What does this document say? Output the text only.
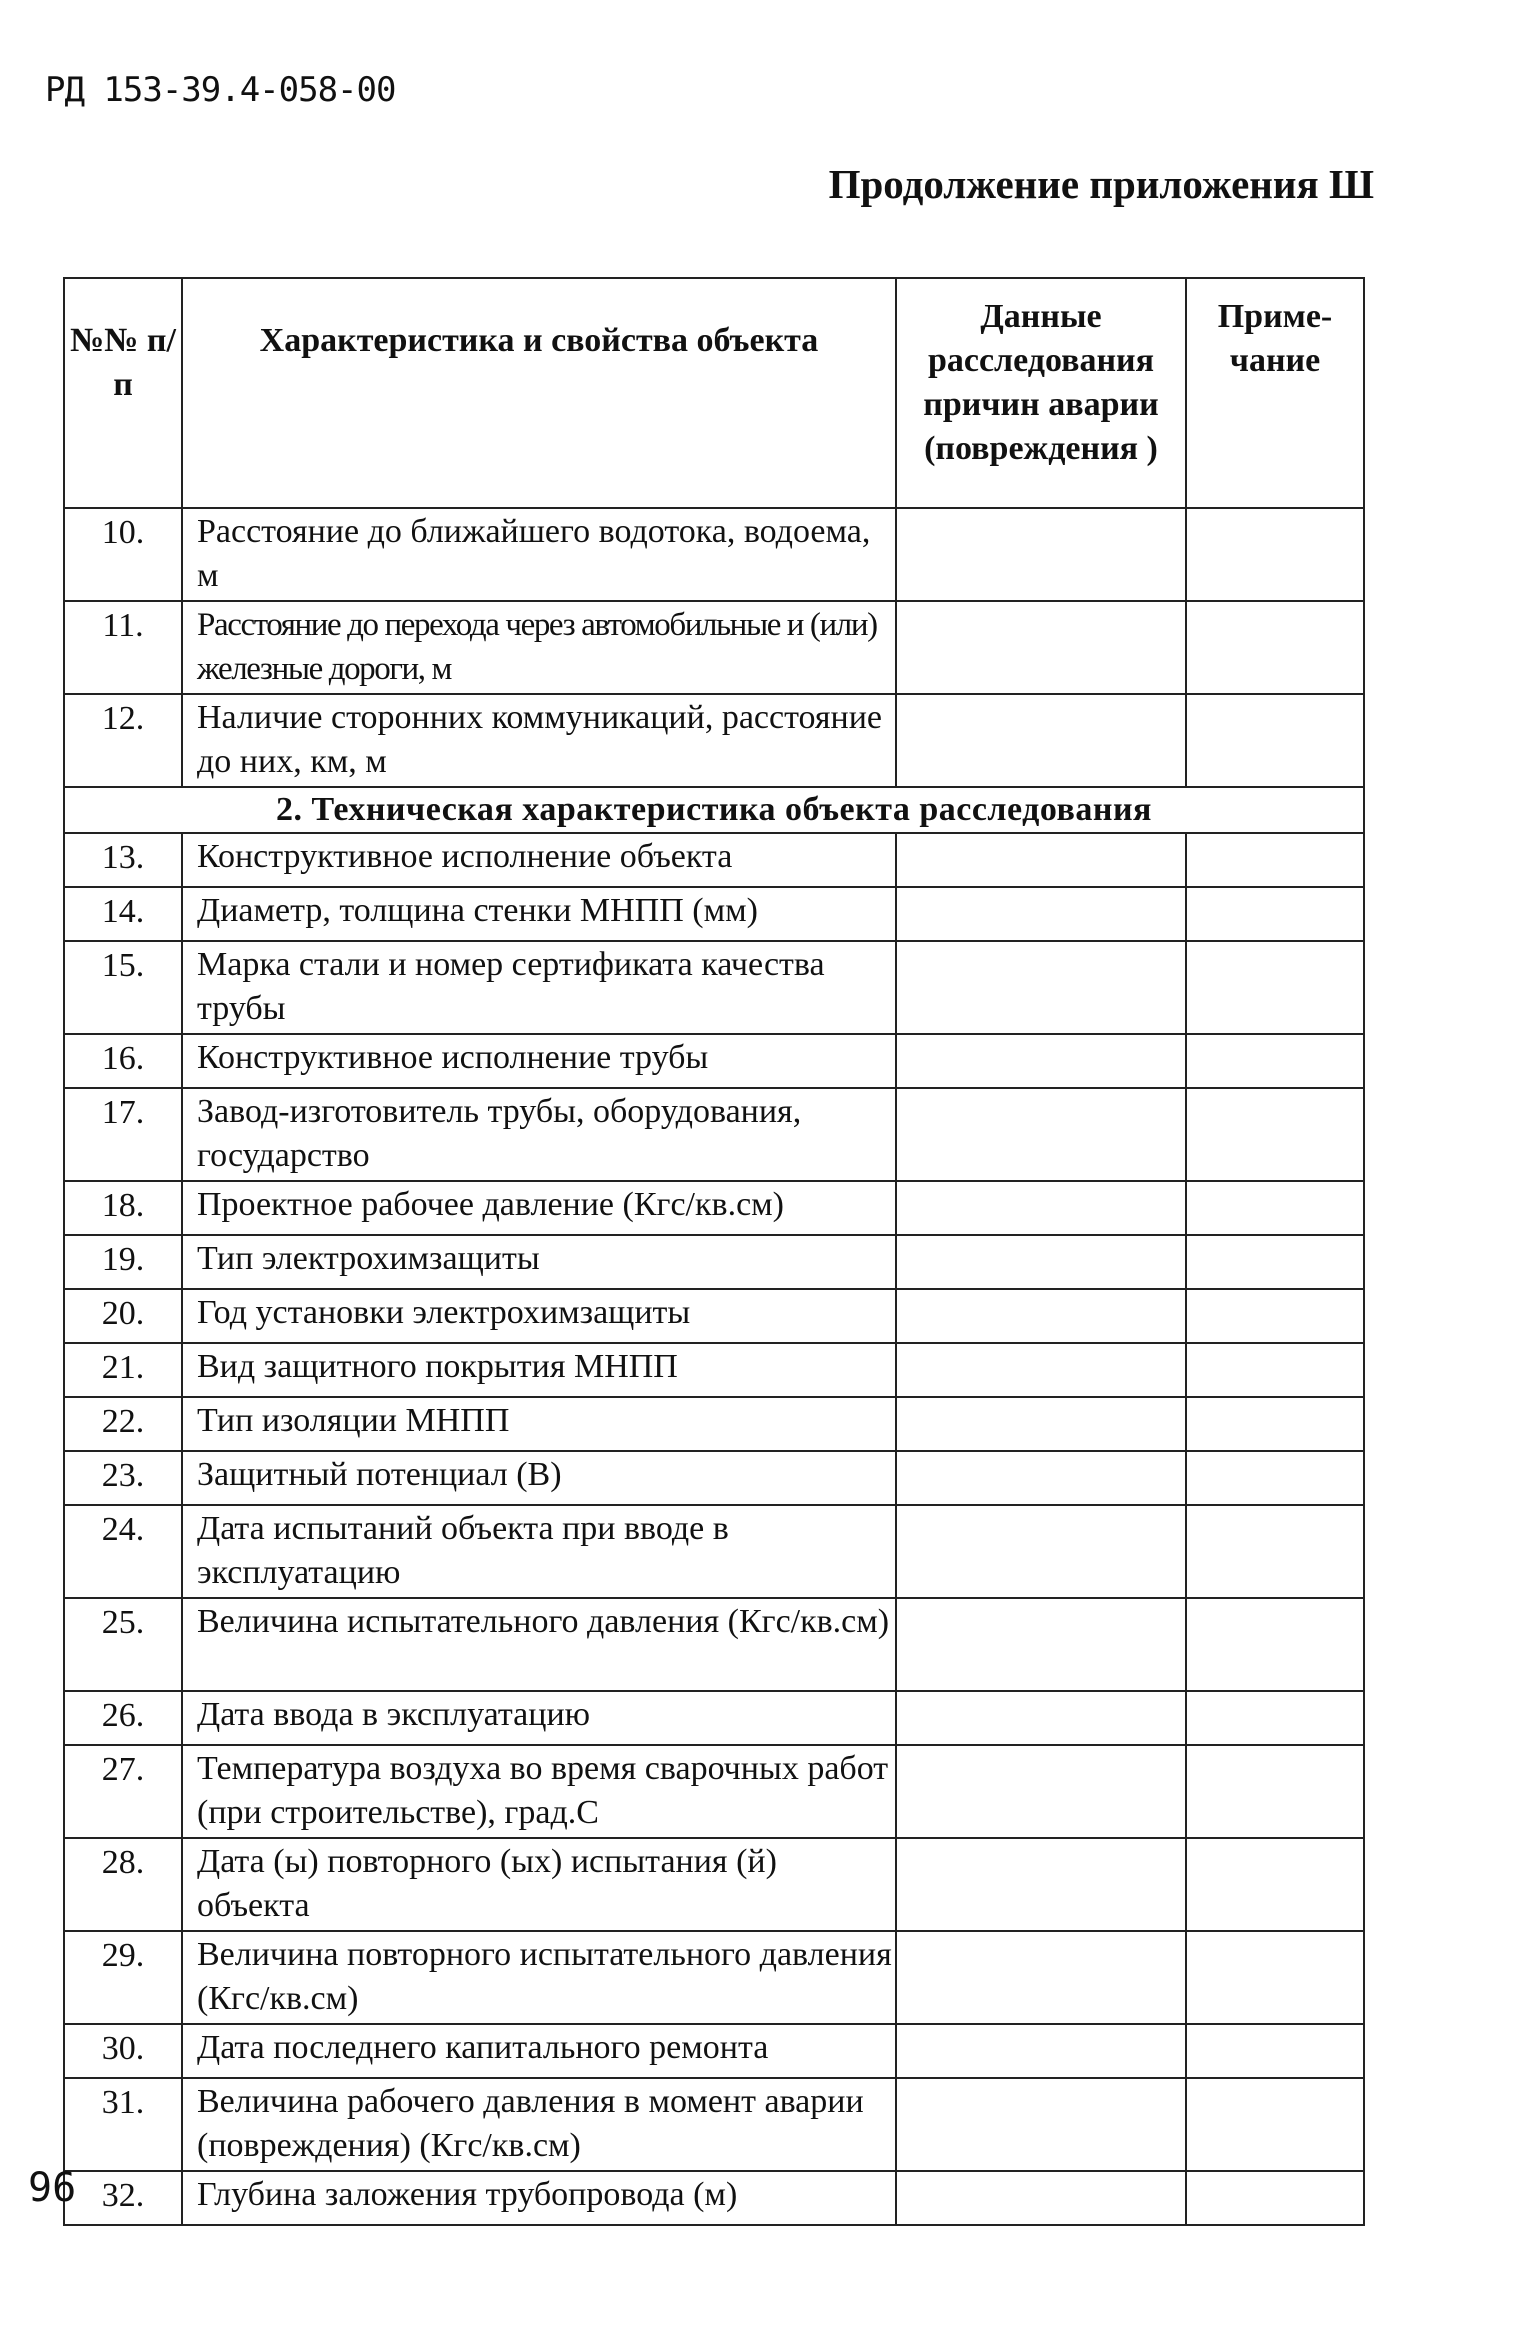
РД 153-39.4-058-00
Продолжение приложения Ш
№№ п/п	Характеристика и свойства объекта	Данные расследования причин аварии (повреждения )	Приме-чание
10.	Расстояние до ближайшего водотока, водоема, м		
11.	Расстояние до перехода через автомобильные и (или) железные дороги, м		
12.	Наличие сторонних коммуникаций, расстояние до них, км, м		
2. Техническая характеристика объекта расследования			
13.	Конструктивное исполнение объекта		
14.	Диаметр, толщина стенки МНПП (мм)		
15.	Марка стали и номер сертификата качества трубы		
16.	Конструктивное исполнение трубы		
17.	Завод-изготовитель трубы, оборудования, государство		
18.	Проектное рабочее давление (Кгс/кв.см)		
19.	Тип электрохимзащиты		
20.	Год установки электрохимзащиты		
21.	Вид защитного покрытия МНПП		
22.	Тип изоляции МНПП		
23.	Защитный потенциал (В)		
24.	Дата испытаний объекта при вводе в эксплуатацию		
25.	Величина испытательного давления (Кгс/кв.см)		
26.	Дата ввода в эксплуатацию		
27.	Температура воздуха во время сварочных работ (при строительстве), град.С		
28.	Дата (ы) повторного (ых) испытания (й) объекта		
29.	Величина повторного испытательного давления (Кгс/кв.см)		
30.	Дата последнего капитального ремонта		
31.	Величина рабочего давления в момент аварии (повреждения) (Кгс/кв.см)		
32.	Глубина заложения трубопровода (м)		
96
